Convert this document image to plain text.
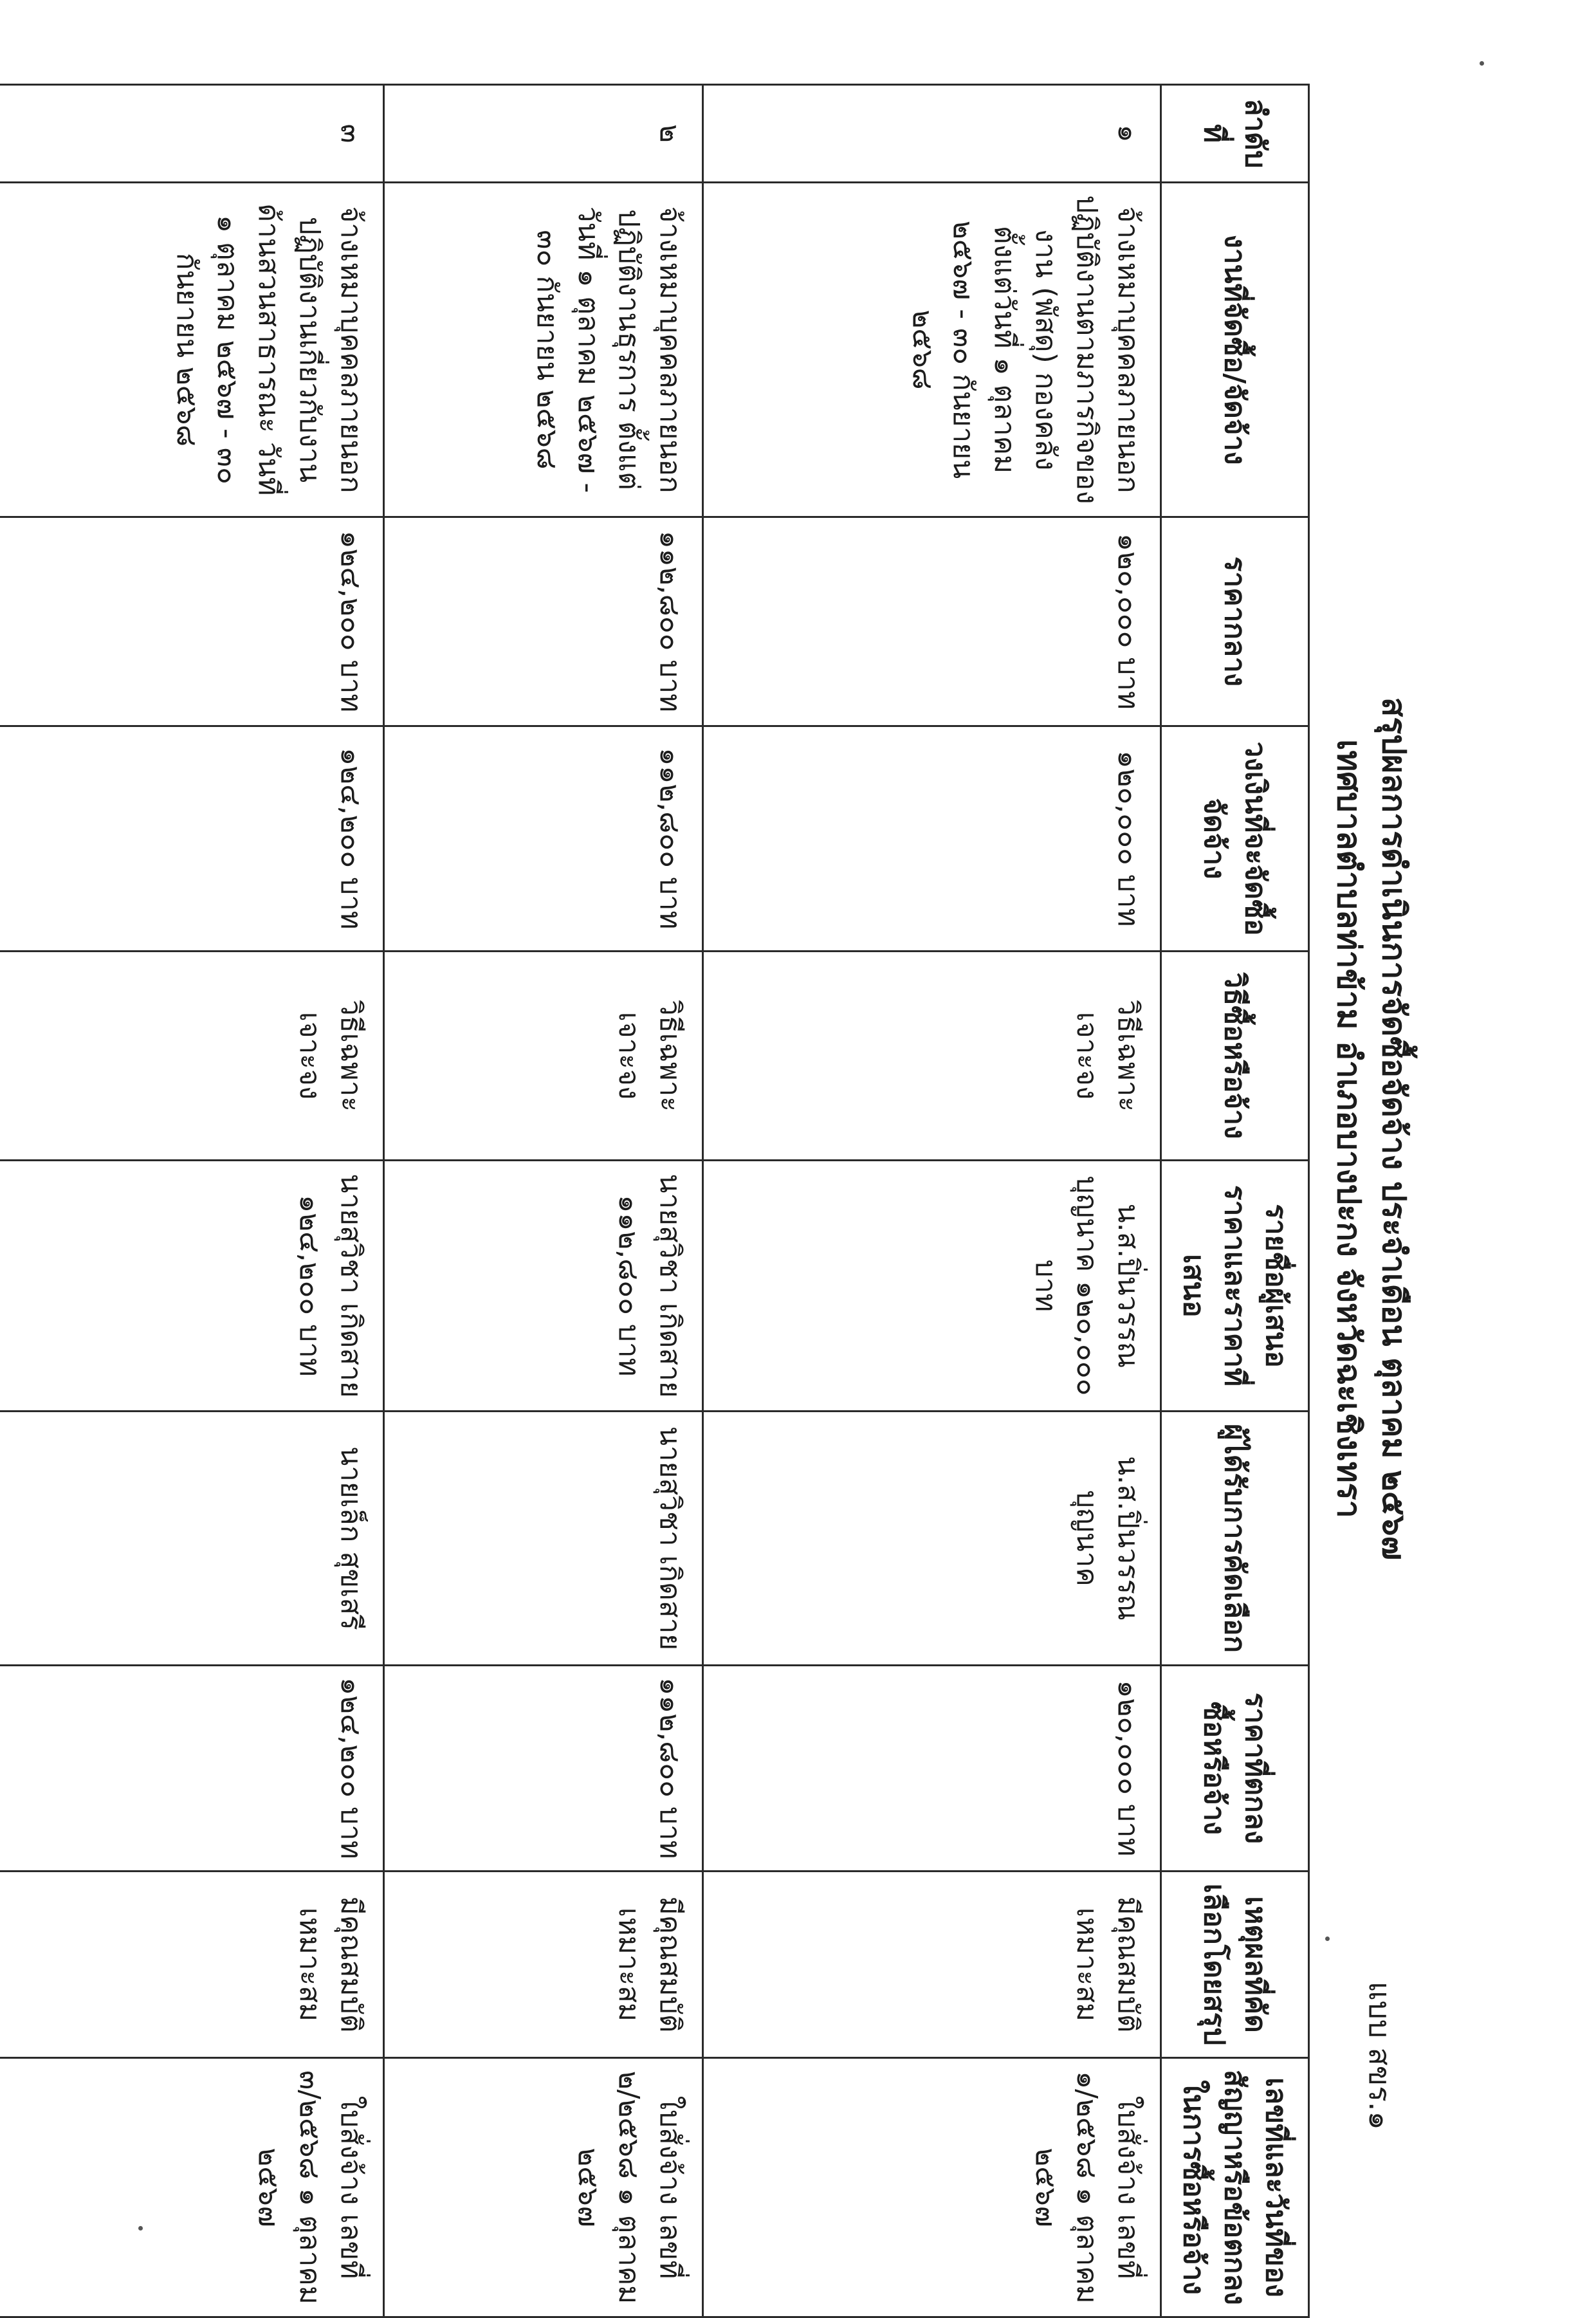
แบบ สขร.๑
สรุปผลการดำเนินการจัดซื้อจัดจ้าง ประจำเดือน ตุลาคม ๒๕๖๗
เทศบาลตำบลท่าข้าม อำเภอบางปะกง จังหวัดฉะเชิงเทรา
ลำดับที่	งานที่จัดซื้อ/จัดจ้าง	ราคากลาง	วงเงินที่จะจัดซื้อจัดจ้าง	วิธีซื้อหรือจ้าง	รายชื่อผู้เสนอราคาและราคาที่เสนอ	ผู้ได้รับการคัดเลือก	ราคาที่ตกลงซื้อหรือจ้าง	เหตุผลที่คัดเลือกโดยสรุป	เลขที่และวันที่ของสัญญาหรือข้อตกลงในการซื้อหรือจ้าง
๑	จ้างเหมาบุคคลภายนอกปฏิบัติงานตามภารกิจของงาน (พัสดุ) กองคลัง ตั้งแต่วันที่ ๑ ตุลาคม ๒๕๖๗ - ๓๐ กันยายน ๒๕๖๘	๑๒๐,๐๐๐ บาท	๑๒๐,๐๐๐ บาท	วิธีเฉพาะเจาะจง	น.ส.ปิ่นวรรณ บุญนาค ๑๒๐,๐๐๐ บาท	น.ส.ปิ่นวรรณ บุญนาค	๑๒๐,๐๐๐ บาท	มีคุณสมบัติเหมาะสม	ใบสั่งจ้าง เลขที่ ๑/๒๕๖๘ ๑ ตุลาคม ๒๕๖๗
๒	จ้างเหมาบุคคลภายนอกปฏิบัติงานธุรการ ตั้งแต่วันที่ ๑ ตุลาคม ๒๕๖๗ - ๓๐ กันยายน ๒๕๖๘	๑๑๒,๘๐๐ บาท	๑๑๒,๘๐๐ บาท	วิธีเฉพาะเจาะจง	นายสุวิชา เกิดสาย ๑๑๒,๘๐๐ บาท	นายสุวิชา เกิดสาย	๑๑๒,๘๐๐ บาท	มีคุณสมบัติเหมาะสม	ใบสั่งจ้าง เลขที่ ๒/๒๕๖๘ ๑ ตุลาคม ๒๕๖๗
๓	จ้างเหมาบุคคลภายนอกปฏิบัติงานเกี่ยวกับงานด้านสวนสาธารณะ วันที่ ๑ ตุลาคม ๒๕๖๗ - ๓๐ กันยายน ๒๕๖๘	๑๒๔,๒๐๐ บาท	๑๒๔,๒๐๐ บาท	วิธีเฉพาะเจาะจง	นายสุวิชา เกิดสาย ๑๒๔,๒๐๐ บาท	นายเล็ก สุขเสรี	๑๒๔,๒๐๐ บาท	มีคุณสมบัติเหมาะสม	ใบสั่งจ้าง เลขที่ ๓/๒๕๖๘ ๑ ตุลาคม ๒๕๖๗
